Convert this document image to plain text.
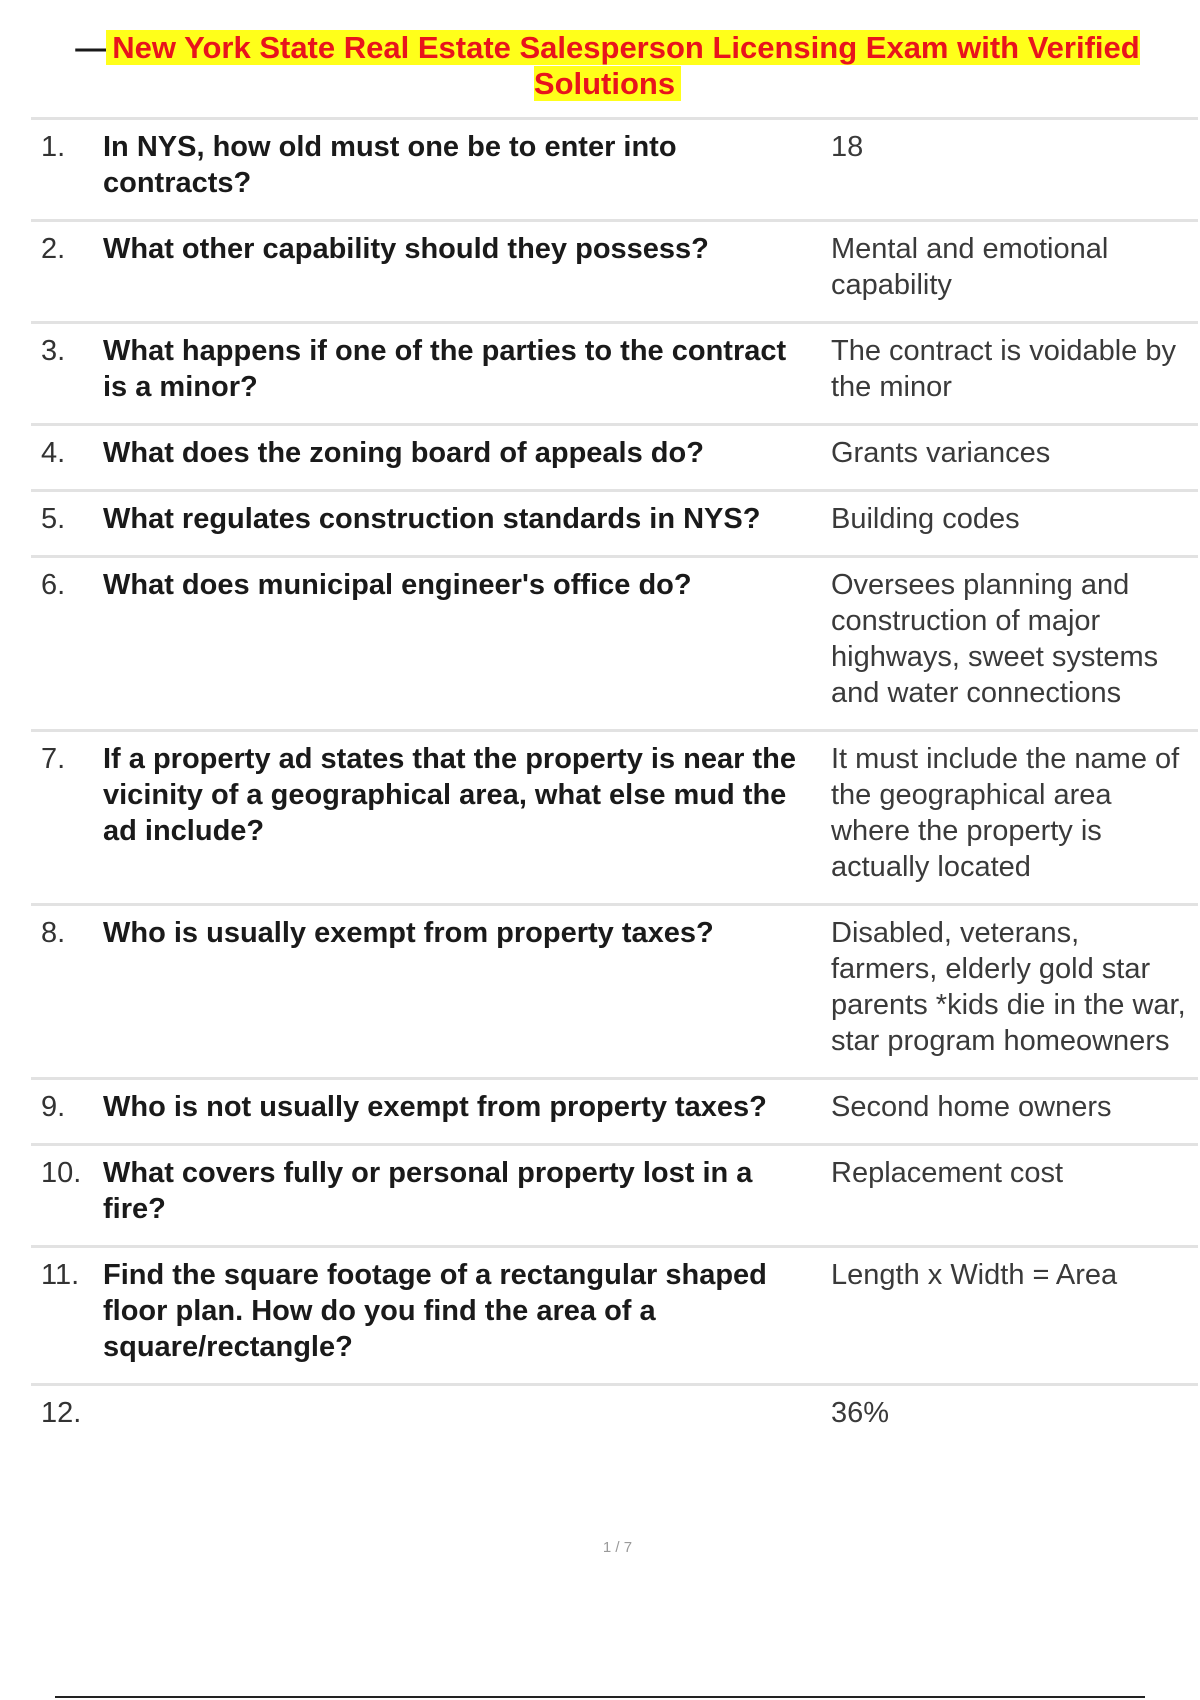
— New York State Real Estate Salesperson Licensing Exam with Verified Solutions
1.	In NYS, how old must one be to enter into contracts?	18
2.	What other capability should they possess?	Mental and emotional capability
3.	What happens if one of the parties to the contract is a minor?	The contract is voidable by the minor
4.	What does the zoning board of appeals do?	Grants variances
5.	What regulates construction standards in NYS?	Building codes
6.	What does municipal engineer's office do?	Oversees planning and construction of major highways, sweet systems and water connections
7.	If a property ad states that the property is near the vicinity of a geographical area, what else mud the ad include?	It must include the name of the geographical area where the property is actually located
8.	Who is usually exempt from property taxes?	Disabled, veterans, farmers, elderly gold star parents *kids die in the war, star program homeowners
9.	Who is not usually exempt from property taxes?	Second home owners
10.	What covers fully or personal property lost in a fire?	Replacement cost
11.	Find the square footage of a rectangular shaped floor plan. How do you find the area of a square/rectangle?	Length x Width = Area
12.		36%
1 / 7
